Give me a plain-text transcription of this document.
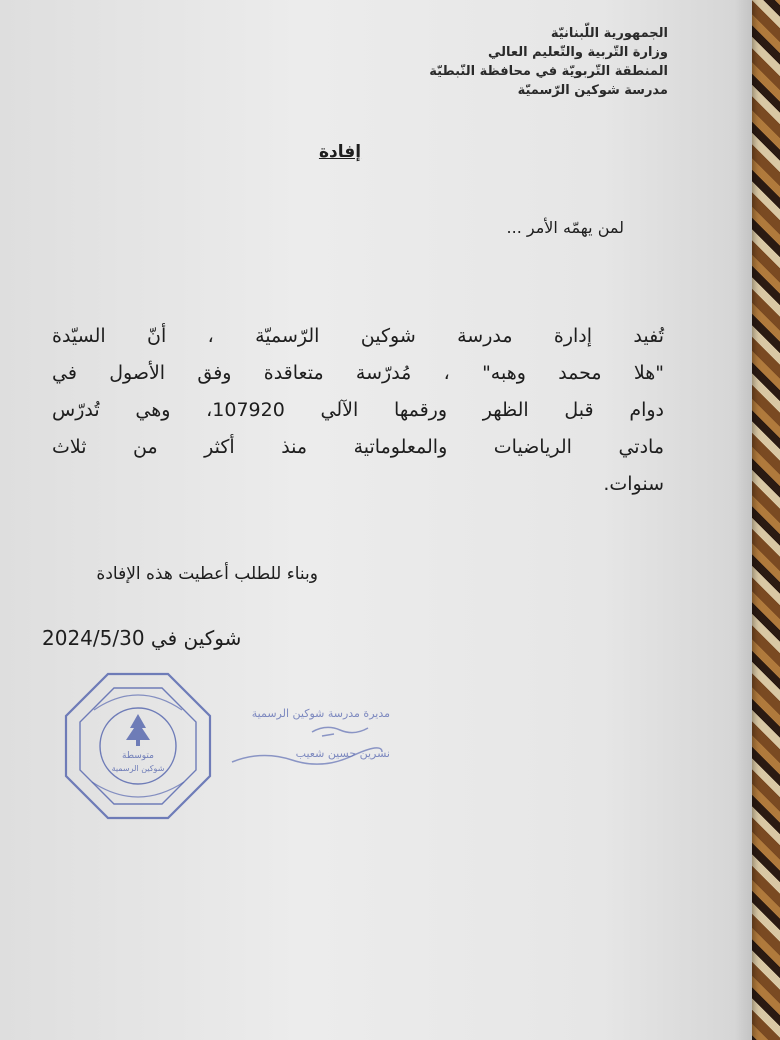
الجمهورية اللّبنانيّة
وزارة التّربية والتّعليم العالي
المنطقة التّربويّة في محافظة النّبطيّة
مدرسة شوكين الرّسميّة
إفادة
لمن يهمّه الأمر ...
تُفيد إدارة مدرسة شوكين الرّسميّة ، أنّ السيّدة
"هلا محمد وهبه" ، مُدرّسة متعاقدة وفق الأصول في
دوام قبل الظهر ورقمها الآلي 107920، وهي تُدرّس
مادتي الرياضيات والمعلوماتية منذ أكثر من ثلاث
سنوات.
وبناء للطلب أعطيت هذه الإفادة
شوكين في 2024/5/30
متوسطة
شوكين الرسمية
مديرة مدرسة شوكين الرسمية
نسرين حسين شعيب
